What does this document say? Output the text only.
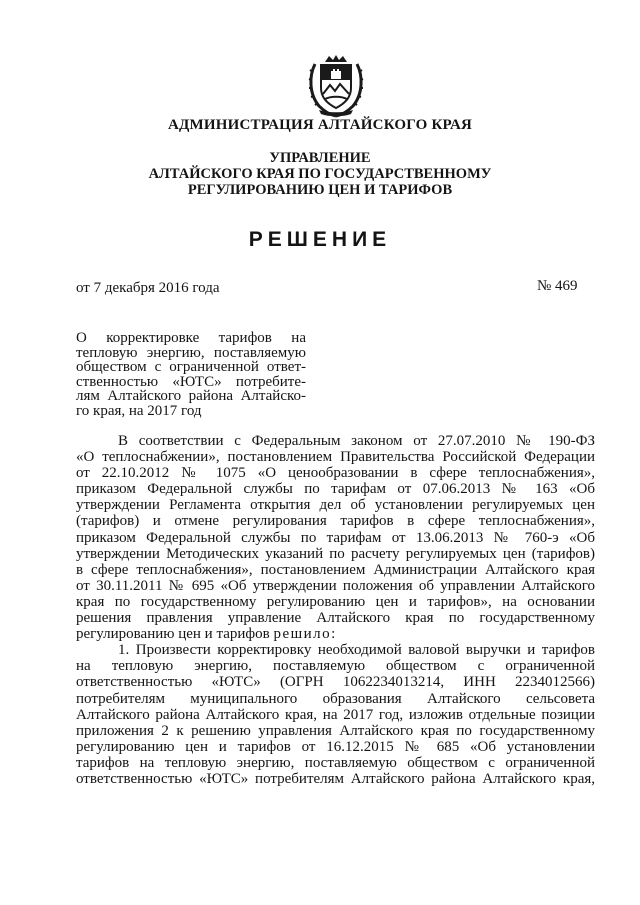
АДМИНИСТРАЦИЯ АЛТАЙСКОГО КРАЯ
УПРАВЛЕНИЕ
АЛТАЙСКОГО КРАЯ ПО ГОСУДАРСТВЕННОМУ
РЕГУЛИРОВАНИЮ ЦЕН И ТАРИФОВ
РЕШЕНИЕ
от 7 декабря 2016 года	№ 469
О корректировке тарифов на
тепловую энергию, поставляемую
обществом с ограниченной ответ-
ственностью «ЮТС» потребите-
лям Алтайского района Алтайско-
го края, на 2017 год
В соответствии с Федеральным законом от 27.07.2010 № 190-ФЗ
«О теплоснабжении», постановлением Правительства Российской Федерации
от 22.10.2012 № 1075 «О ценообразовании в сфере теплоснабжения»,
приказом Федеральной службы по тарифам от 07.06.2013 № 163 «Об
утверждении Регламента открытия дел об установлении регулируемых цен
(тарифов) и отмене регулирования тарифов в сфере теплоснабжения»,
приказом Федеральной службы по тарифам от 13.06.2013 № 760-э «Об
утверждении Методических указаний по расчету регулируемых цен (тарифов)
в сфере теплоснабжения», постановлением Администрации Алтайского края
от 30.11.2011 № 695 «Об утверждении положения об управлении Алтайского
края по государственному регулированию цен и тарифов», на основании
решения правления управление Алтайского края по государственному
регулированию цен и тарифов решило:
1. Произвести корректировку необходимой валовой выручки и тарифов
на тепловую энергию, поставляемую обществом с ограниченной
ответственностью «ЮТС» (ОГРН 1062234013214, ИНН 2234012566)
потребителям муниципального образования Алтайского сельсовета
Алтайского района Алтайского края, на 2017 год, изложив отдельные позиции
приложения 2 к решению управления Алтайского края по государственному
регулированию цен и тарифов от 16.12.2015 № 685 «Об установлении
тарифов на тепловую энергию, поставляемую обществом с ограниченной
ответственностью «ЮТС» потребителям Алтайского района Алтайского края,
